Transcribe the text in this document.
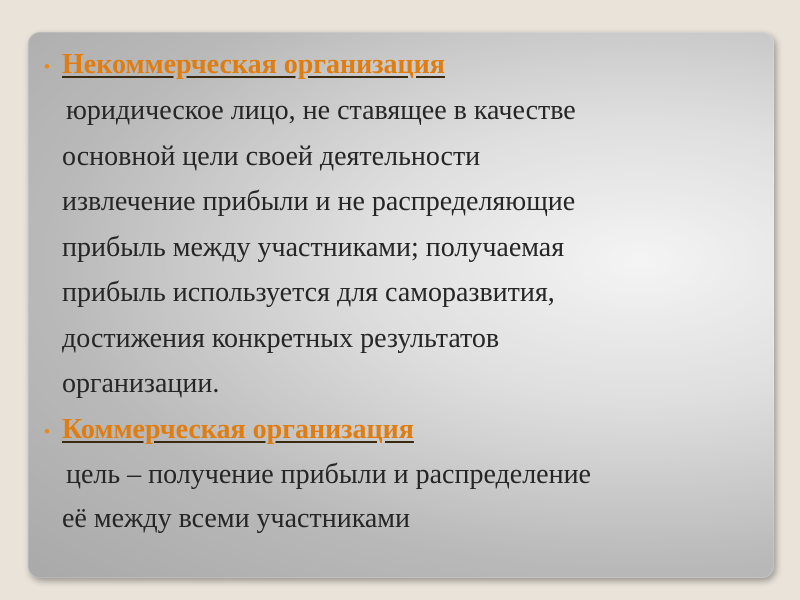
• Некоммерческая организация
юридическое лицо, не ставящее в качестве
основной цели своей деятельности
извлечение прибыли и не распределяющие
прибыль между участниками; получаемая
прибыль используется для саморазвития,
достижения конкретных результатов
организации.
• Коммерческая организация
цель – получение прибыли и распределение
её между всеми участниками
